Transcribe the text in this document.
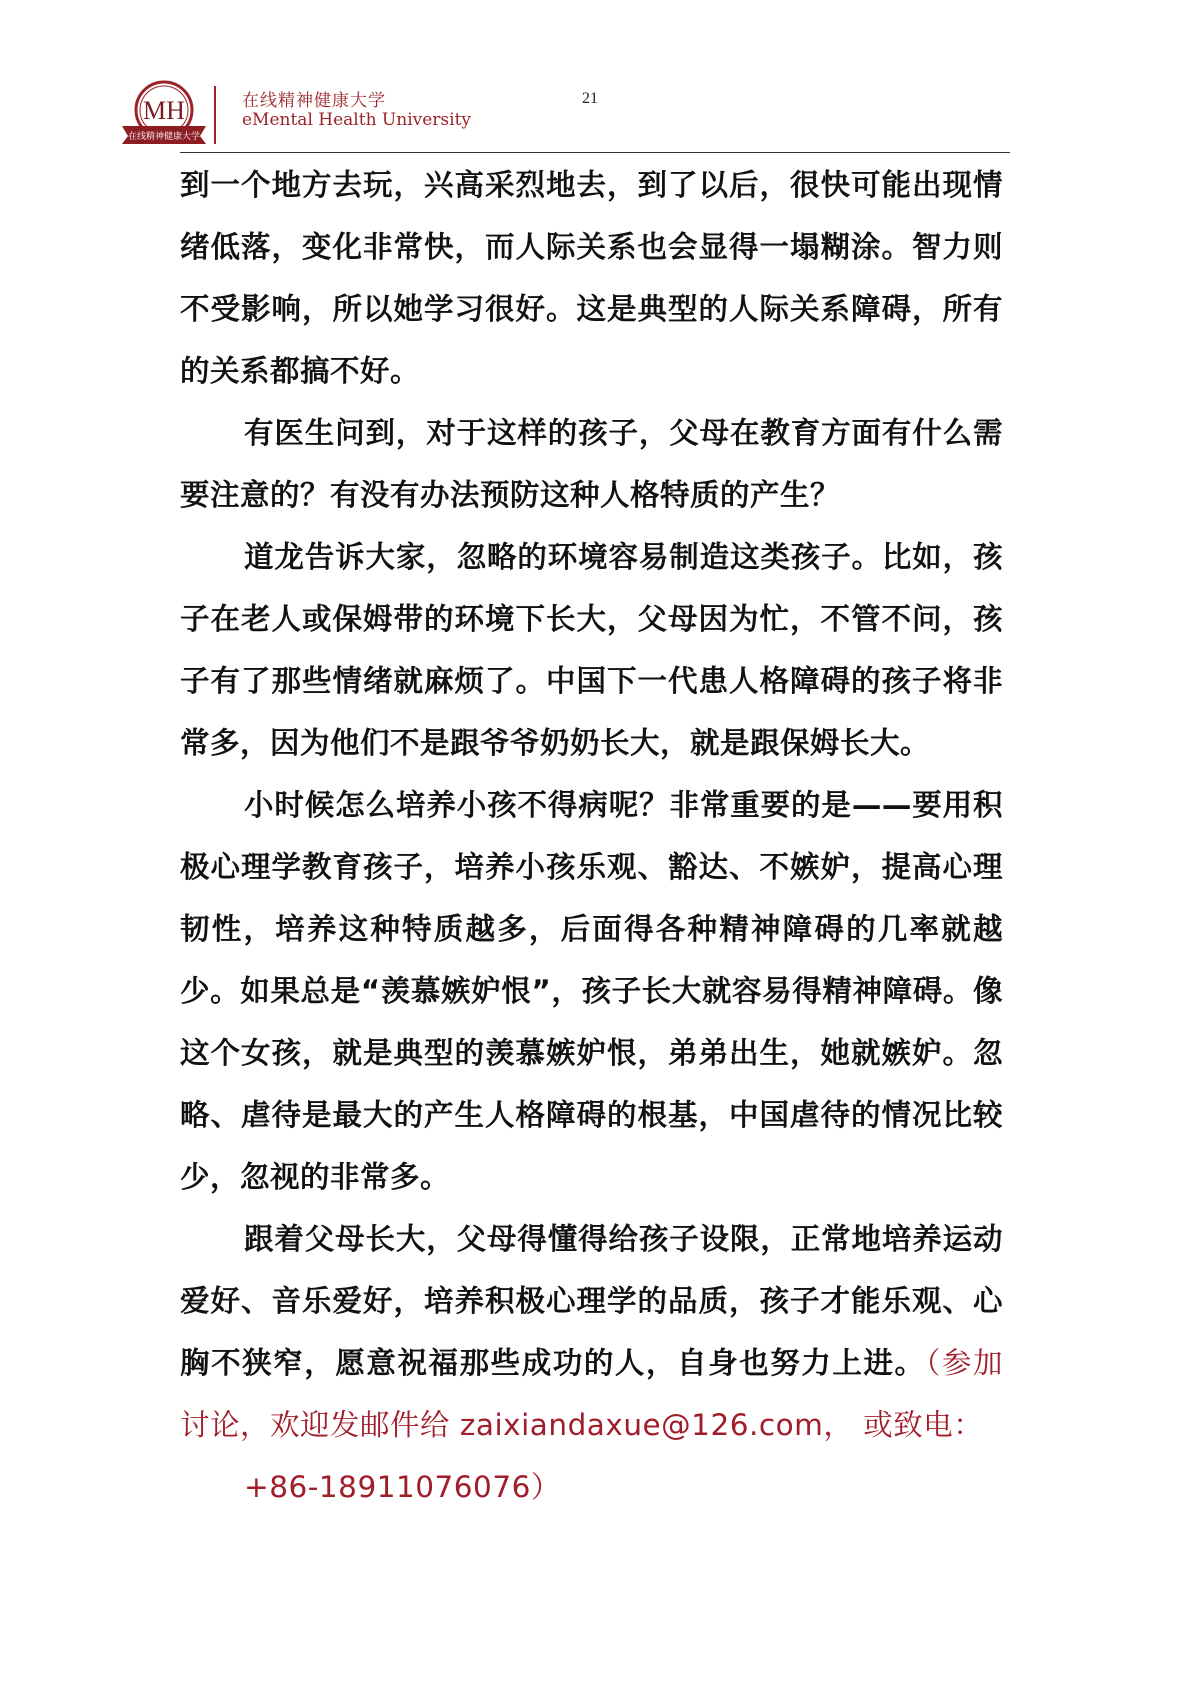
MH
在线精神健康大学
在线精神健康大学
eMental Health University
21

到一个地方去玩，兴高采烈地去，到了以后，很快可能出现情绪低落，变化非常快，而人际关系也会显得一塌糊涂。智力则不受影响，所以她学习很好。这是典型的人际关系障碍，所有的关系都搞不好。

有医生问到，对于这样的孩子，父母在教育方面有什么需要注意的？有没有办法预防这种人格特质的产生？

道龙告诉大家，忽略的环境容易制造这类孩子。比如，孩子在老人或保姆带的环境下长大，父母因为忙，不管不问，孩子有了那些情绪就麻烦了。中国下一代患人格障碍的孩子将非常多，因为他们不是跟爷爷奶奶长大，就是跟保姆长大。

小时候怎么培养小孩不得病呢？非常重要的是——要用积极心理学教育孩子，培养小孩乐观、豁达、不嫉妒，提高心理韧性，培养这种特质越多，后面得各种精神障碍的几率就越少。如果总是“羡慕嫉妒恨”，孩子长大就容易得精神障碍。像这个女孩，就是典型的羡慕嫉妒恨，弟弟出生，她就嫉妒。忽略、虐待是最大的产生人格障碍的根基，中国虐待的情况比较少，忽视的非常多。

跟着父母长大，父母得懂得给孩子设限，正常地培养运动爱好、音乐爱好，培养积极心理学的品质，孩子才能乐观、心胸不狭窄，愿意祝福那些成功的人，自身也努力上进。（参加讨论，欢迎发邮件给 zaixiandaxue@126.com， 或致电：
+86-18911076076）
